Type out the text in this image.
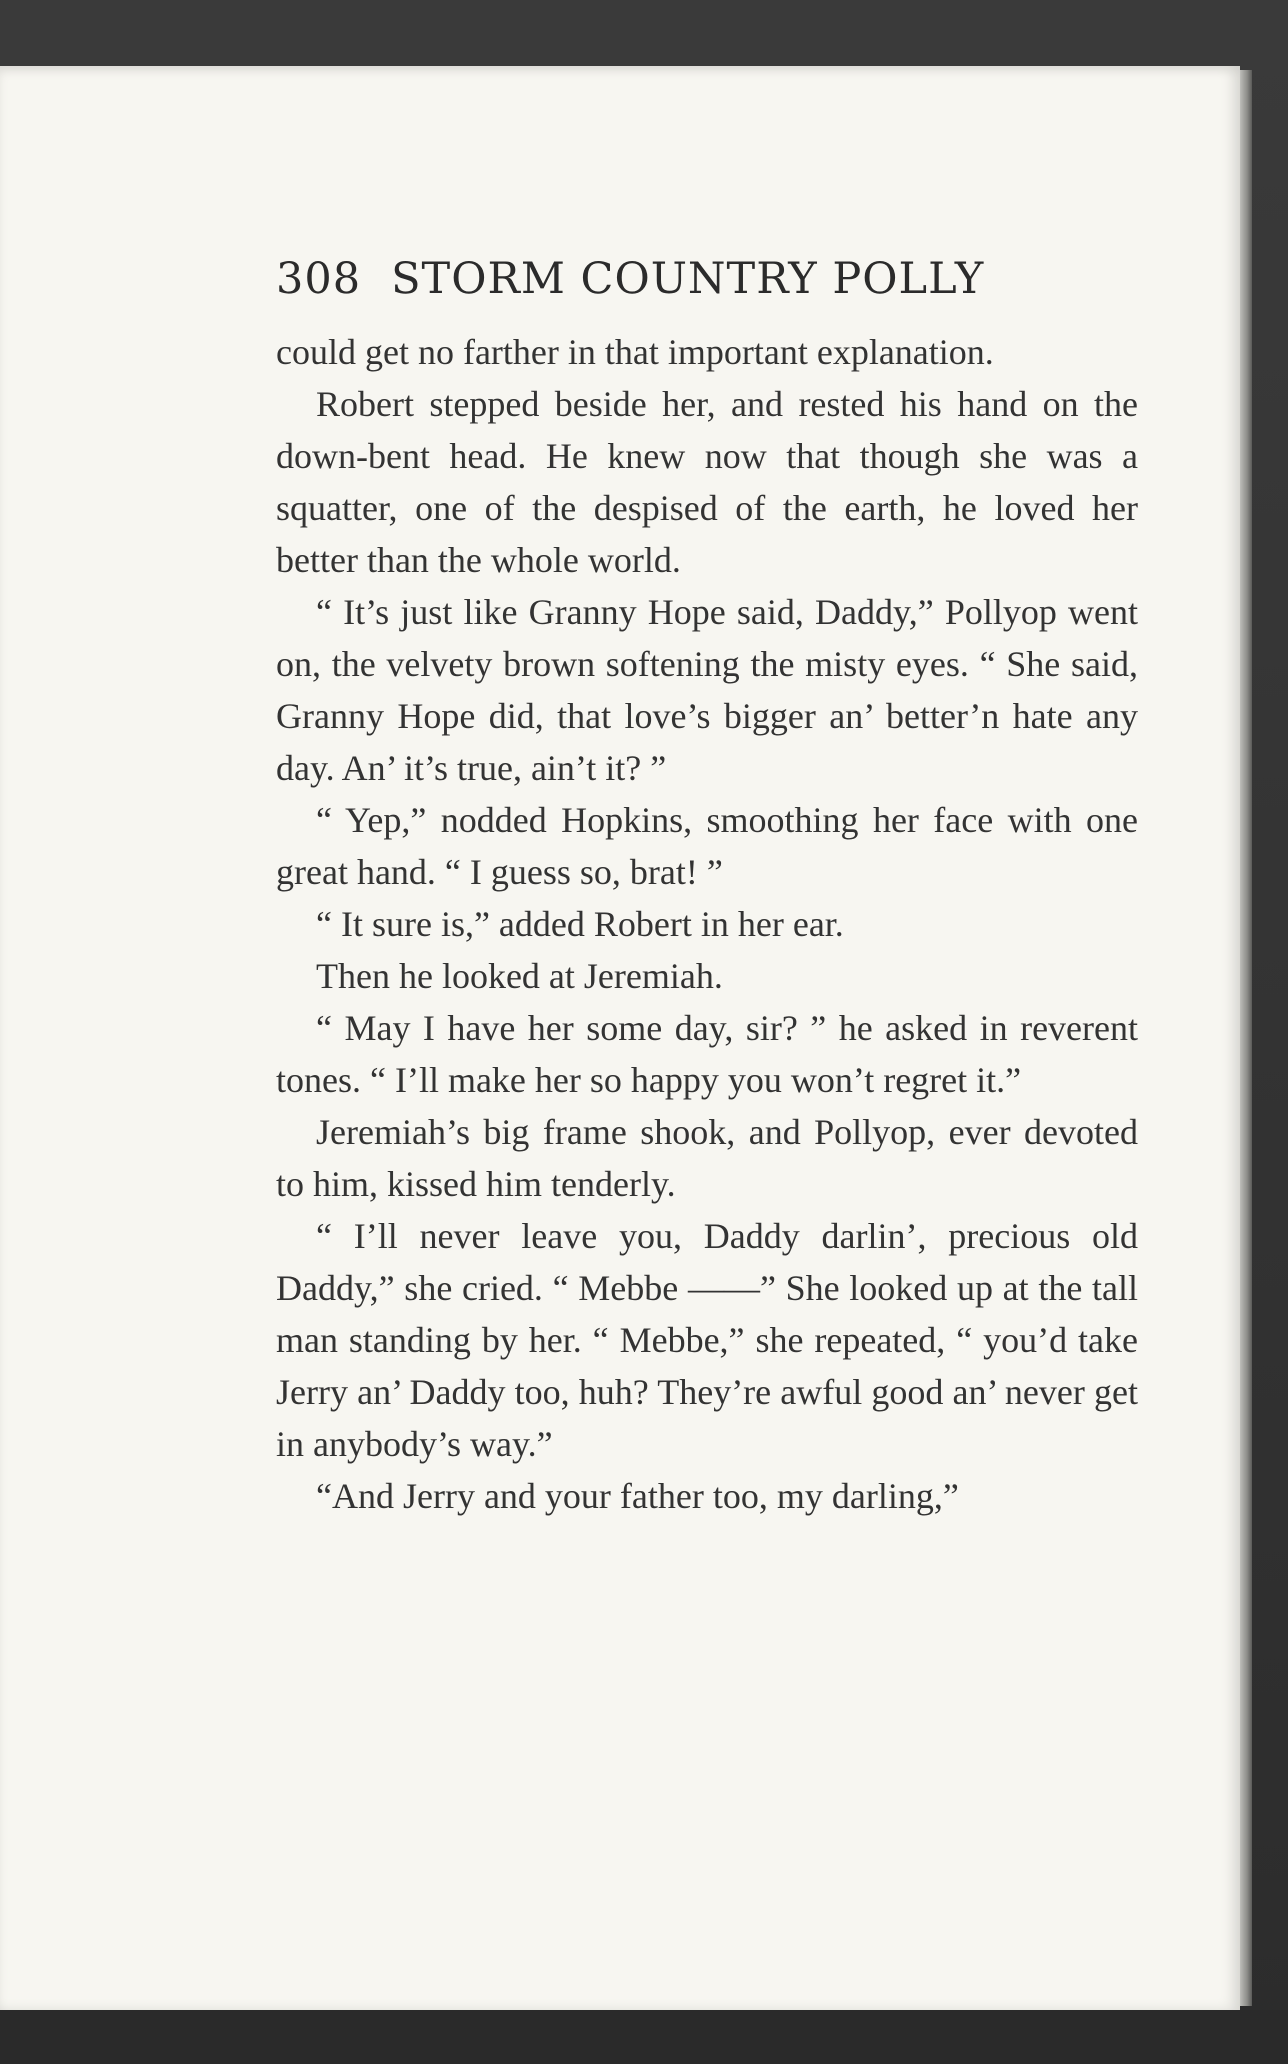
308 STORM COUNTRY POLLY

could get no farther in that important explanation.

Robert stepped beside her, and rested his hand on the down-bent head. He knew now that though she was a squatter, one of the despised of the earth, he loved her better than the whole world.

“ It’s just like Granny Hope said, Daddy,” Pollyop went on, the velvety brown softening the misty eyes. “ She said, Granny Hope did, that love’s bigger an’ better’n hate any day. An’ it’s true, ain’t it? ”

“ Yep,” nodded Hopkins, smoothing her face with one great hand. “ I guess so, brat! ”

“ It sure is,” added Robert in her ear.

Then he looked at Jeremiah.

“ May I have her some day, sir? ” he asked in reverent tones. “ I’ll make her so happy you won’t regret it.”

Jeremiah’s big frame shook, and Pollyop, ever devoted to him, kissed him tenderly.

“ I’ll never leave you, Daddy darlin’, precious old Daddy,” she cried. “ Mebbe ——” She looked up at the tall man standing by her. “ Mebbe,” she repeated, “ you’d take Jerry an’ Daddy too, huh? They’re awful good an’ never get in anybody’s way.”

“And Jerry and your father too, my darling,”
